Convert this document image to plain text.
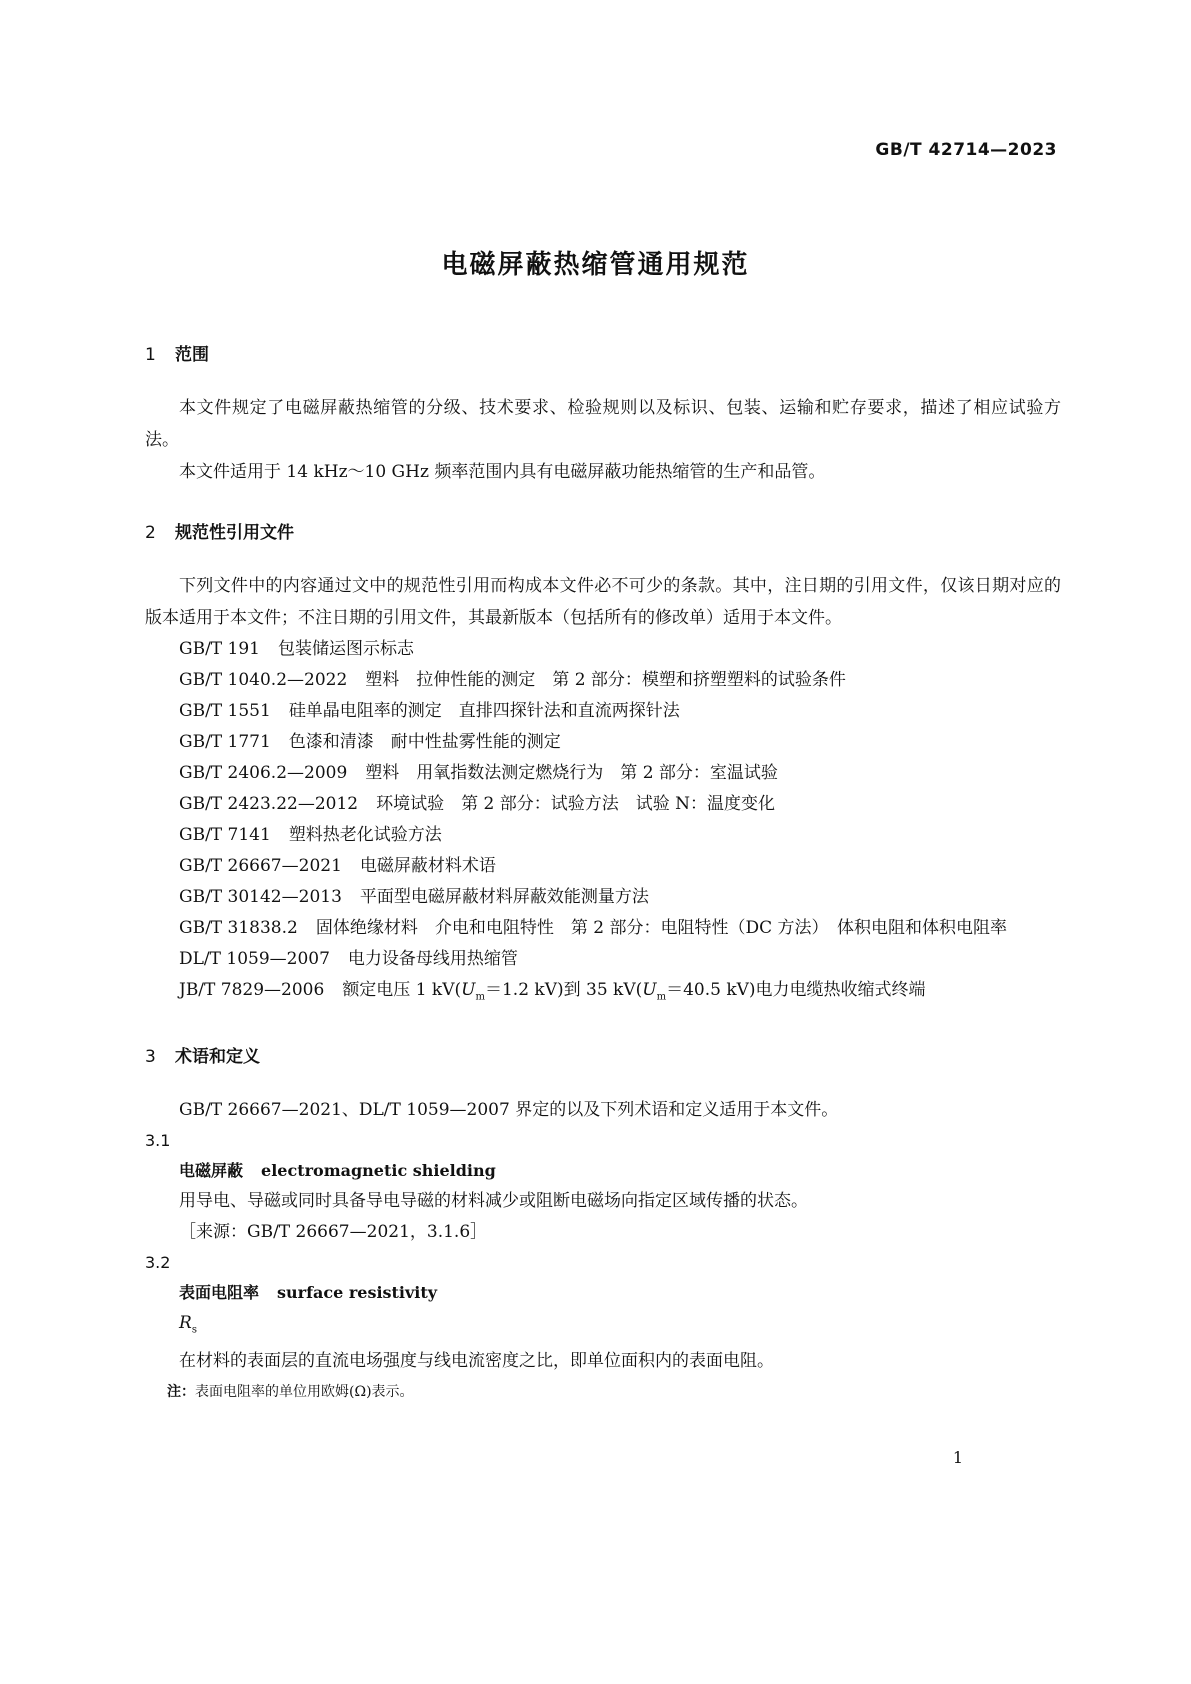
GB/T 42714—2023
电磁屏蔽热缩管通用规范
1 范围

本文件规定了电磁屏蔽热缩管的分级、技术要求、检验规则以及标识、包装、运输和贮存要求，描述了相应试验方法。

本文件适用于 14 kHz～10 GHz 频率范围内具有电磁屏蔽功能热缩管的生产和品管。

2 规范性引用文件

下列文件中的内容通过文中的规范性引用而构成本文件必不可少的条款。其中，注日期的引用文件，仅该日期对应的版本适用于本文件；不注日期的引用文件，其最新版本（包括所有的修改单）适用于本文件。

GB/T 191 包装储运图示标志

GB/T 1040.2—2022 塑料　拉伸性能的测定　第 2 部分：模塑和挤塑塑料的试验条件

GB/T 1551 硅单晶电阻率的测定　直排四探针法和直流两探针法

GB/T 1771 色漆和清漆　耐中性盐雾性能的测定

GB/T 2406.2—2009 塑料　用氧指数法测定燃烧行为　第 2 部分：室温试验

GB/T 2423.22—2012 环境试验　第 2 部分：试验方法　试验 N：温度变化

GB/T 7141 塑料热老化试验方法

GB/T 26667—2021 电磁屏蔽材料术语

GB/T 30142—2013 平面型电磁屏蔽材料屏蔽效能测量方法

GB/T 31838.2 固体绝缘材料　介电和电阻特性　第 2 部分：电阻特性（DC 方法）　体积电阻和体积电阻率

DL/T 1059—2007 电力设备母线用热缩管

JB/T 7829—2006 额定电压 1 $kV(U_m=1.2$ kV)到 35 $kV(U_m=40.5$ kV)电力电缆热收缩式终端

3 术语和定义

GB/T 26667—2021、DL/T 1059—2007 界定的以及下列术语和定义适用于本文件。

3.1

电磁屏蔽 electromagnetic shielding

用导电、导磁或同时具备导电导磁的材料减少或阻断电磁场向指定区域传播的状态。

［来源：GB/T 26667—2021，3.1.6］

3.2

表面电阻率 surface resistivity

$R_s$

在材料的表面层的直流电场强度与线电流密度之比，即单位面积内的表面电阻。

注：表面电阻率的单位用欧姆(Ω)表示。

1
